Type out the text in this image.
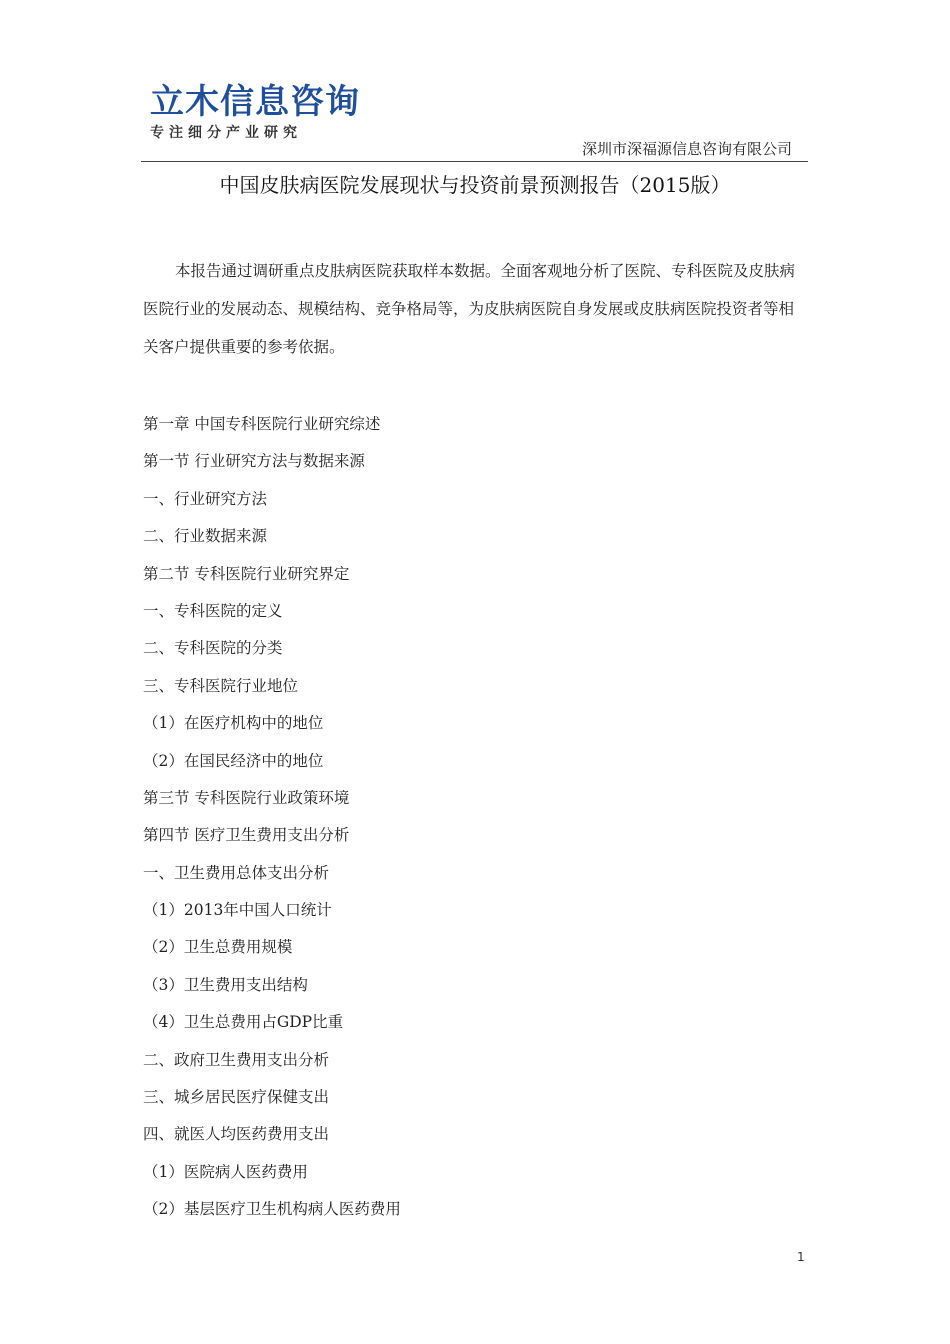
立木信息咨询
专注细分产业研究
深圳市深福源信息咨询有限公司
中国皮肤病医院发展现状与投资前景预测报告（2015版）

本报告通过调研重点皮肤病医院获取样本数据。全面客观地分析了医院、专科医院及皮肤病医院行业的发展动态、规模结构、竞争格局等，为皮肤病医院自身发展或皮肤病医院投资者等相关客户提供重要的参考依据。

第一章 中国专科医院行业研究综述
第一节 行业研究方法与数据来源
一、行业研究方法
二、行业数据来源
第二节 专科医院行业研究界定
一、专科医院的定义
二、专科医院的分类
三、专科医院行业地位
（1）在医疗机构中的地位
（2）在国民经济中的地位
第三节 专科医院行业政策环境
第四节 医疗卫生费用支出分析
一、卫生费用总体支出分析
（1）2013年中国人口统计
（2）卫生总费用规模
（3）卫生费用支出结构
（4）卫生总费用占GDP比重
二、政府卫生费用支出分析
三、城乡居民医疗保健支出
四、就医人均医药费用支出
（1）医院病人医药费用
（2）基层医疗卫生机构病人医药费用
1
